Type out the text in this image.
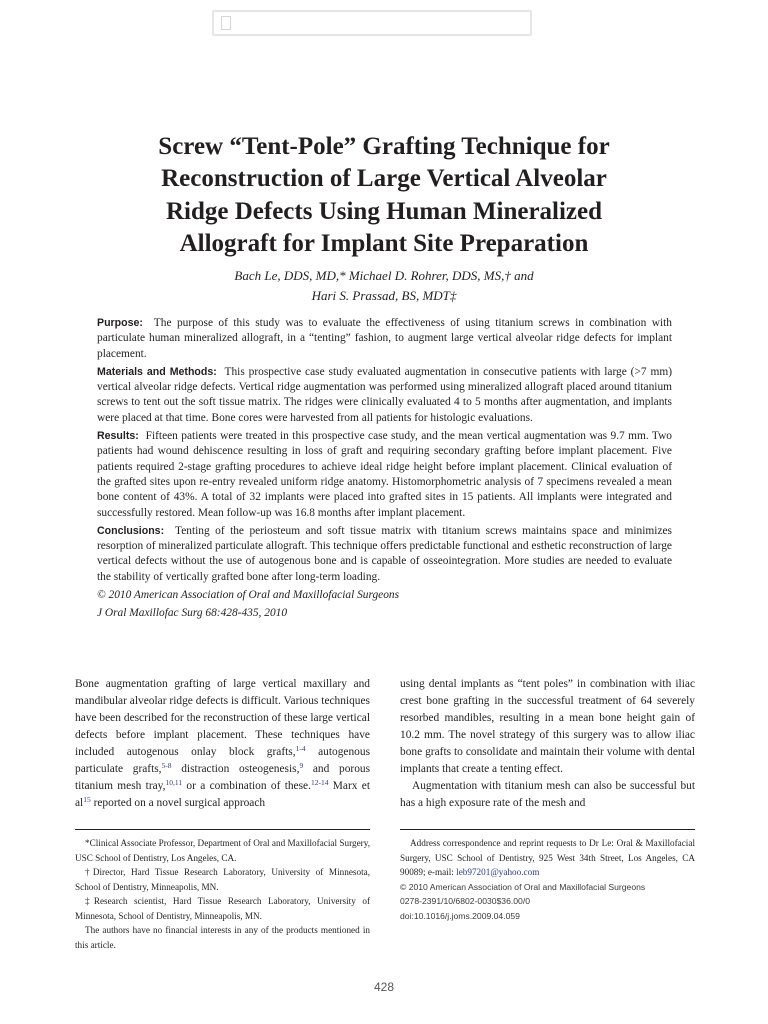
Screw “Tent-Pole” Grafting Technique for
Reconstruction of Large Vertical Alveolar
Ridge Defects Using Human Mineralized
Allograft for Implant Site Preparation
Bach Le, DDS, MD,* Michael D. Rohrer, DDS, MS,† and
Hari S. Prassad, BS, MDT‡

Purpose: The purpose of this study was to evaluate the effectiveness of using titanium screws in combination with particulate human mineralized allograft, in a “tenting” fashion, to augment large vertical alveolar ridge defects for implant placement.

Materials and Methods: This prospective case study evaluated augmentation in consecutive patients with large (>7 mm) vertical alveolar ridge defects. Vertical ridge augmentation was performed using mineralized allograft placed around titanium screws to tent out the soft tissue matrix. The ridges were clinically evaluated 4 to 5 months after augmentation, and implants were placed at that time. Bone cores were harvested from all patients for histologic evaluations.

Results: Fifteen patients were treated in this prospective case study, and the mean vertical augmentation was 9.7 mm. Two patients had wound dehiscence resulting in loss of graft and requiring secondary grafting before implant placement. Five patients required 2-stage grafting procedures to achieve ideal ridge height before implant placement. Clinical evaluation of the grafted sites upon re-entry revealed uniform ridge anatomy. Histomorphometric analysis of 7 specimens revealed a mean bone content of 43%. A total of 32 implants were placed into grafted sites in 15 patients. All implants were integrated and successfully restored. Mean follow-up was 16.8 months after implant placement.

Conclusions: Tenting of the periosteum and soft tissue matrix with titanium screws maintains space and minimizes resorption of mineralized particulate allograft. This technique offers predictable functional and esthetic reconstruction of large vertical defects without the use of autogenous bone and is capable of osseointegration. More studies are needed to evaluate the stability of vertically grafted bone after long-term loading.

© 2010 American Association of Oral and Maxillofacial Surgeons

J Oral Maxillofac Surg 68:428-435, 2010

Bone augmentation grafting of large vertical maxillary and mandibular alveolar ridge defects is difficult. Various techniques have been described for the reconstruction of these large vertical defects before implant placement. These techniques have included autogenous onlay block grafts,$^{1-4}$ autogenous particulate grafts,$^{5-8}$ distraction osteogenesis,$^9$ and porous titanium mesh tray,$^{10,11}$ or a combination of these.$^{12-14}$ Marx et $al^{15}$ reported on a novel surgical approach

using dental implants as “tent poles” in combination with iliac crest bone grafting in the successful treatment of 64 severely resorbed mandibles, resulting in a mean bone height gain of 10.2 mm. The novel strategy of this surgery was to allow iliac bone grafts to consolidate and maintain their volume with dental implants that create a tenting effect.

Augmentation with titanium mesh can also be successful but has a high exposure rate of the mesh and

*Clinical Associate Professor, Department of Oral and Maxillofacial Surgery, USC School of Dentistry, Los Angeles, CA.

†Director, Hard Tissue Research Laboratory, University of Minnesota, School of Dentistry, Minneapolis, MN.

‡Research scientist, Hard Tissue Research Laboratory, University of Minnesota, School of Dentistry, Minneapolis, MN.

The authors have no financial interests in any of the products mentioned in this article.

Address correspondence and reprint requests to Dr Le: Oral & Maxillofacial Surgery, USC School of Dentistry, 925 West 34th Street, Los Angeles, CA 90089; e-mail: leb97201@yahoo.com

© 2010 American Association of Oral and Maxillofacial Surgeons

0278-2391/10/6802-0030$36.00/0

doi:10.1016/j.joms.2009.04.059

428
